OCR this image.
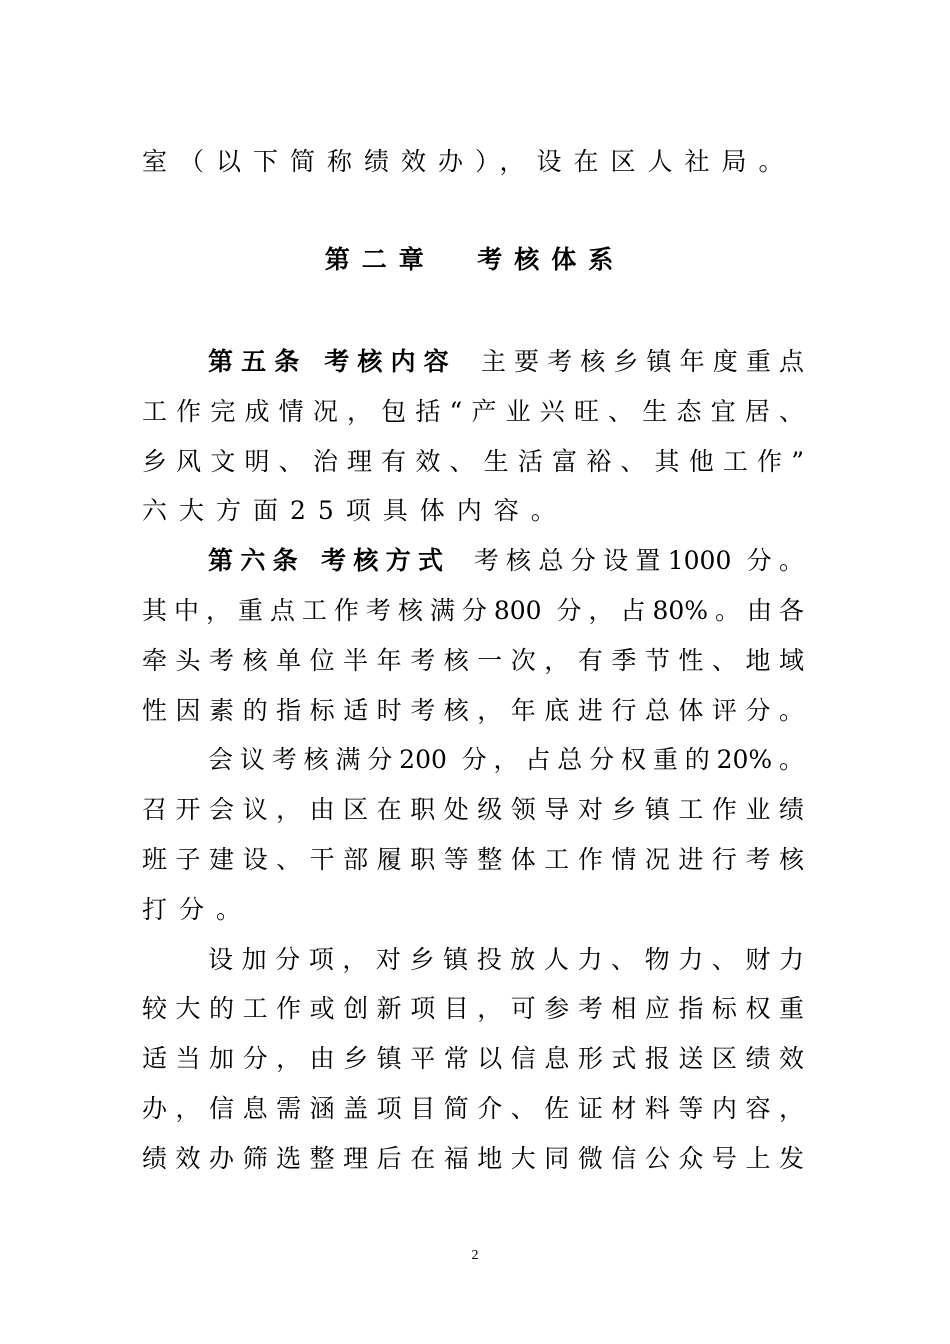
室（以下简称绩效办），设在区人社局。
第二章  考核体系
第五条 考核内容 主要考核乡镇年度重点
工作完成情况，包括“产业兴旺、生态宜居、
乡风文明、治理有效、生活富裕、其他工作”
六大方面25项具体内容。
第六条 考核方式 考核总分设置1000 分。
其中，重点工作考核满分800 分，占80%。由各
牵头考核单位半年考核一次，有季节性、地域
性因素的指标适时考核，年底进行总体评分。
会议考核满分200 分，占总分权重的20%。
召开会议，由区在职处级领导对乡镇工作业绩
班子建设、干部履职等整体工作情况进行考核
打分。
设加分项，对乡镇投放人力、物力、财力
较大的工作或创新项目，可参考相应指标权重
适当加分，由乡镇平常以信息形式报送区绩效
办，信息需涵盖项目简介、佐证材料等内容，
绩效办筛选整理后在福地大同微信公众号上发
2
